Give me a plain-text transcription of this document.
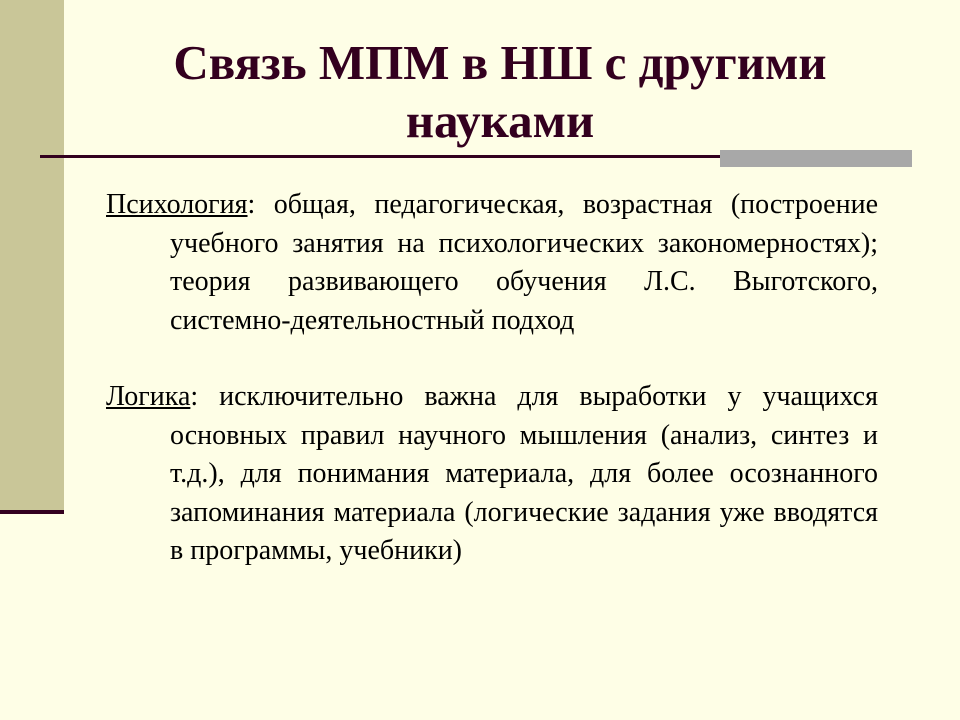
Связь МПМ в НШ с другими науками

Психология: общая, педагогическая, возрастная (построение учебного занятия на психологических закономерностях); теория развивающего обучения Л.С. Выготского, системно-деятельностный подход

Логика: исключительно важна для выработки у учащихся основных правил научного мышления (анализ, синтез и т.д.), для понимания материала, для более осознанного запоминания материала (логические задания уже вводятся в программы, учебники)
